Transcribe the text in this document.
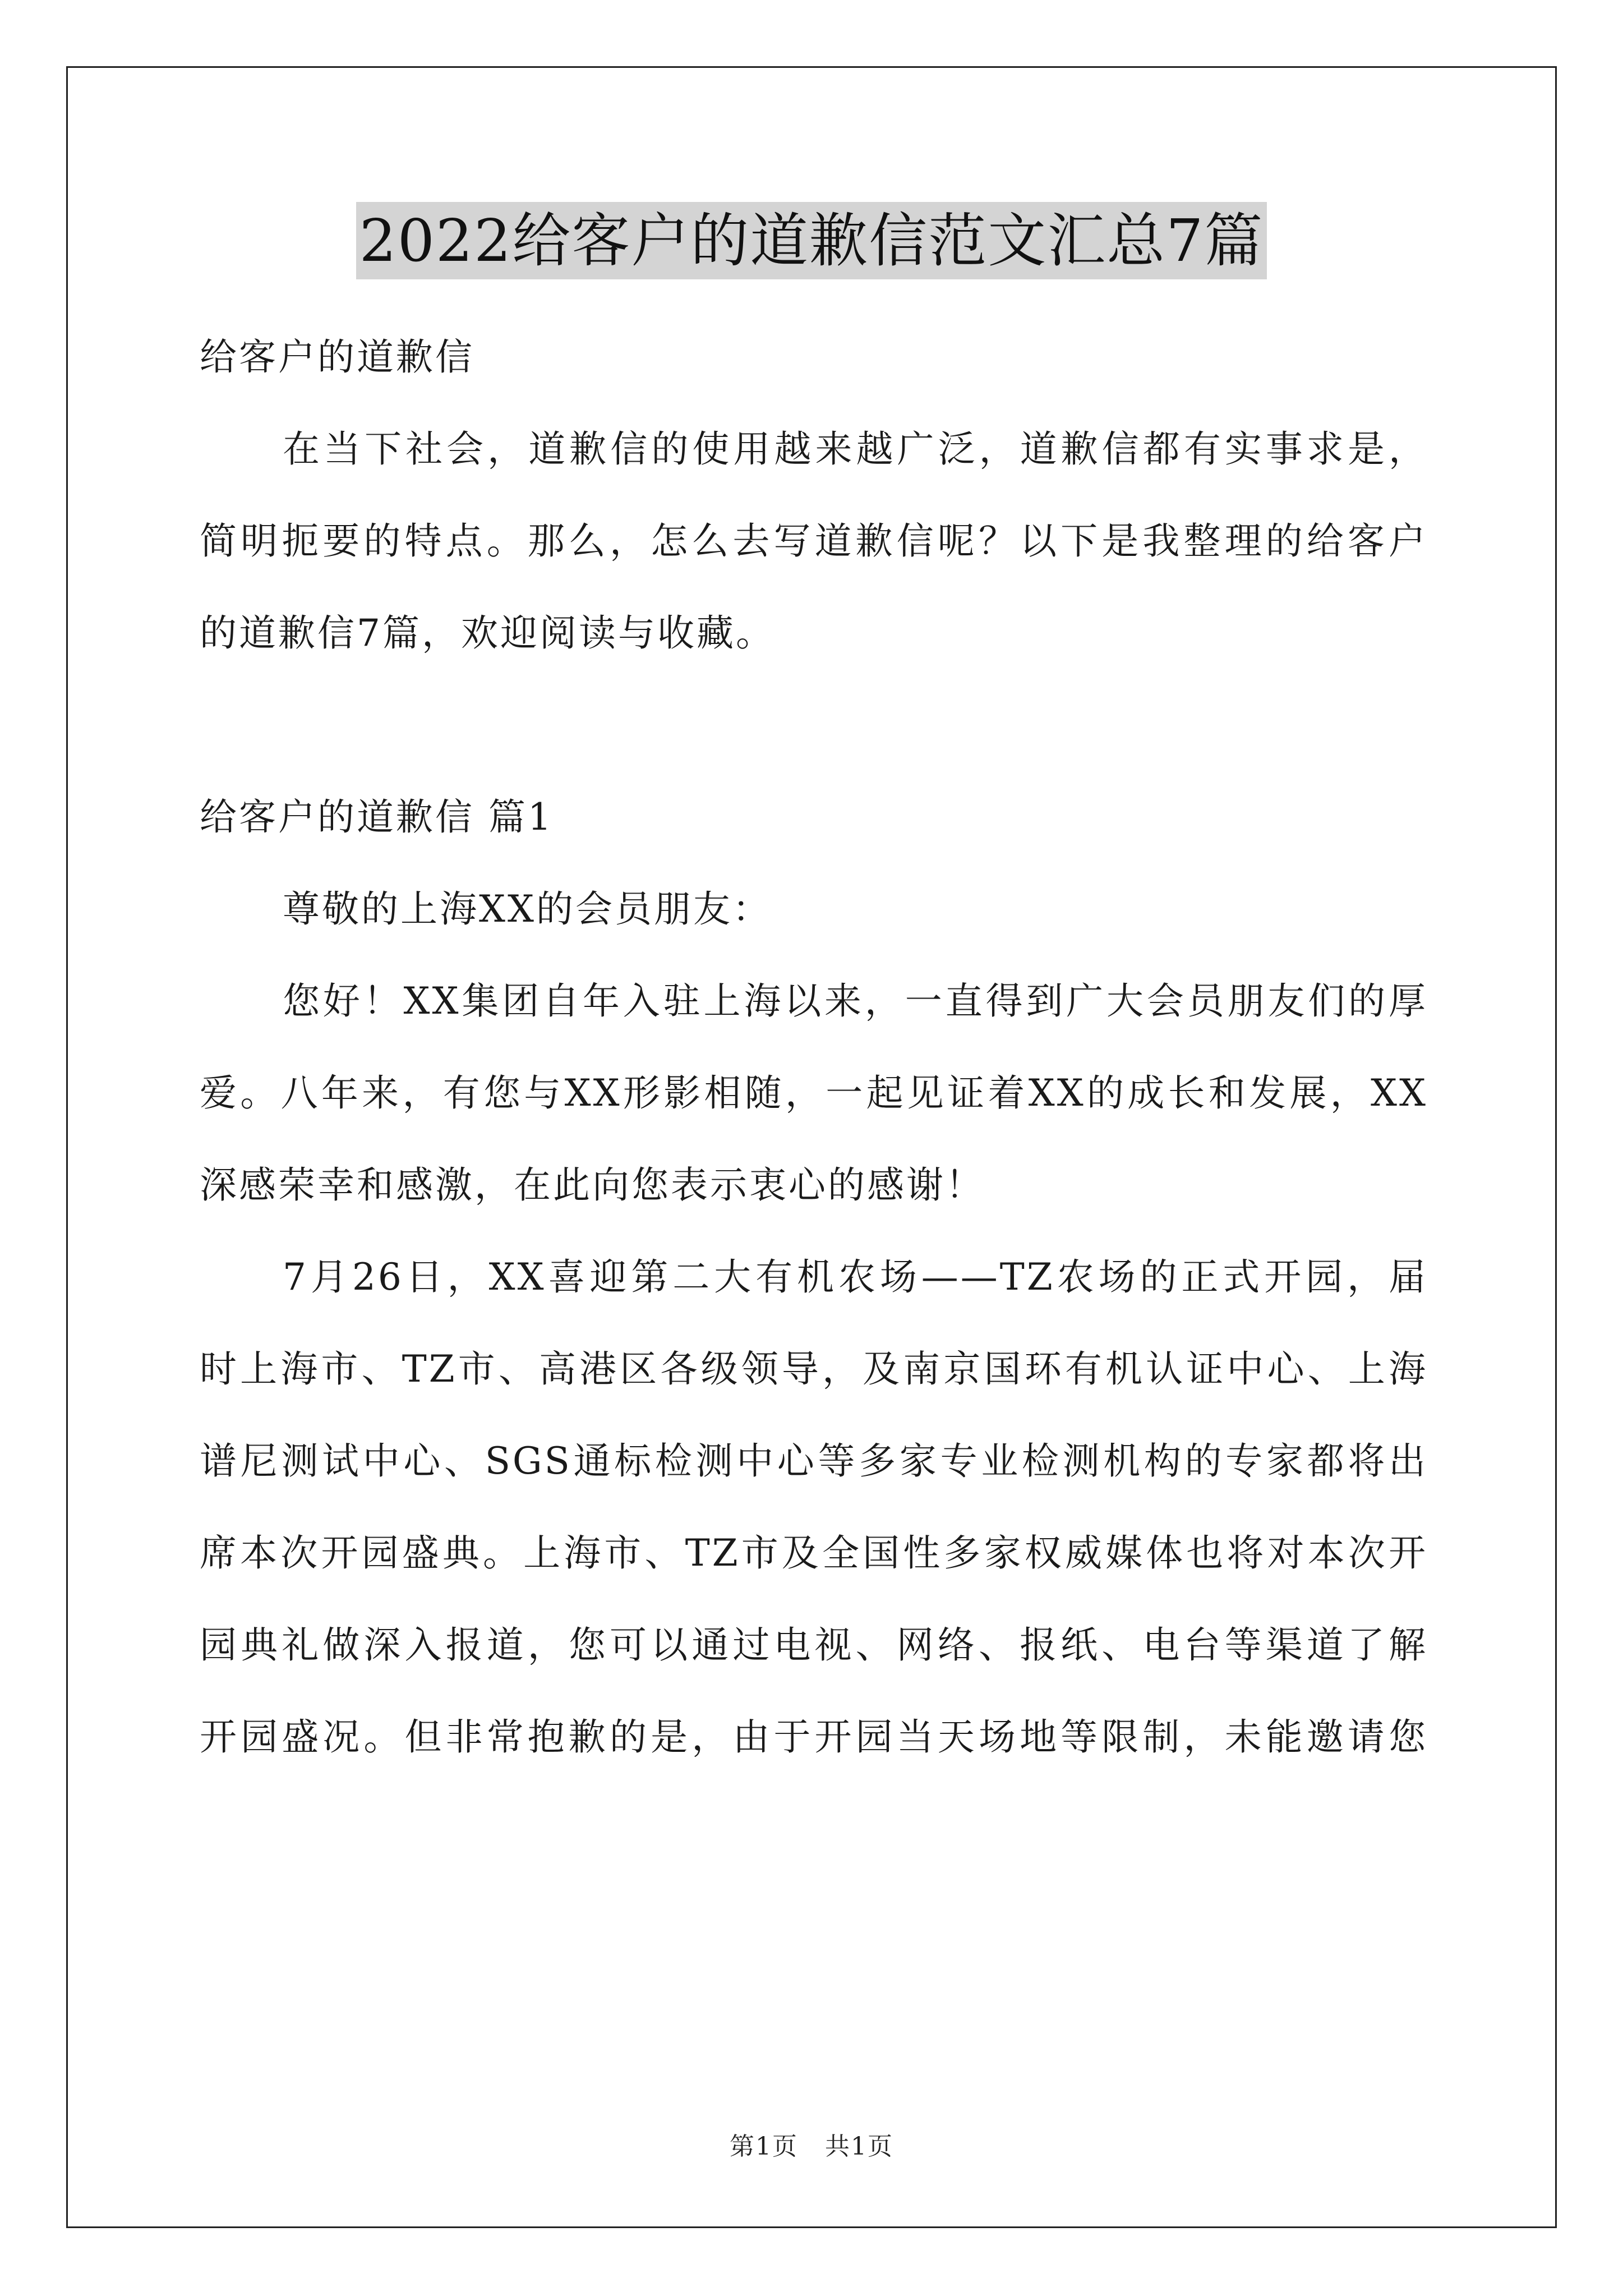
2022给客户的道歉信范文汇总7篇
给客户的道歉信
在当下社会，道歉信的使用越来越广泛，道歉信都有实事求是，
简明扼要的特点。那么，怎么去写道歉信呢？以下是我整理的给客户
的道歉信7篇，欢迎阅读与收藏。
给客户的道歉信 篇1
尊敬的上海XX的会员朋友：
您好！XX集团自年入驻上海以来，一直得到广大会员朋友们的厚
爱。八年来，有您与XX形影相随，一起见证着XX的成长和发展，XX
深感荣幸和感激，在此向您表示衷心的感谢！
7月26日，XX喜迎第二大有机农场——TZ农场的正式开园，届
时上海市、TZ市、高港区各级领导，及南京国环有机认证中心、上海
谱尼测试中心、SGS通标检测中心等多家专业检测机构的专家都将出
席本次开园盛典。上海市、TZ市及全国性多家权威媒体也将对本次开
园典礼做深入报道，您可以通过电视、网络、报纸、电台等渠道了解
开园盛况。但非常抱歉的是，由于开园当天场地等限制，未能邀请您
第1页 共1页
